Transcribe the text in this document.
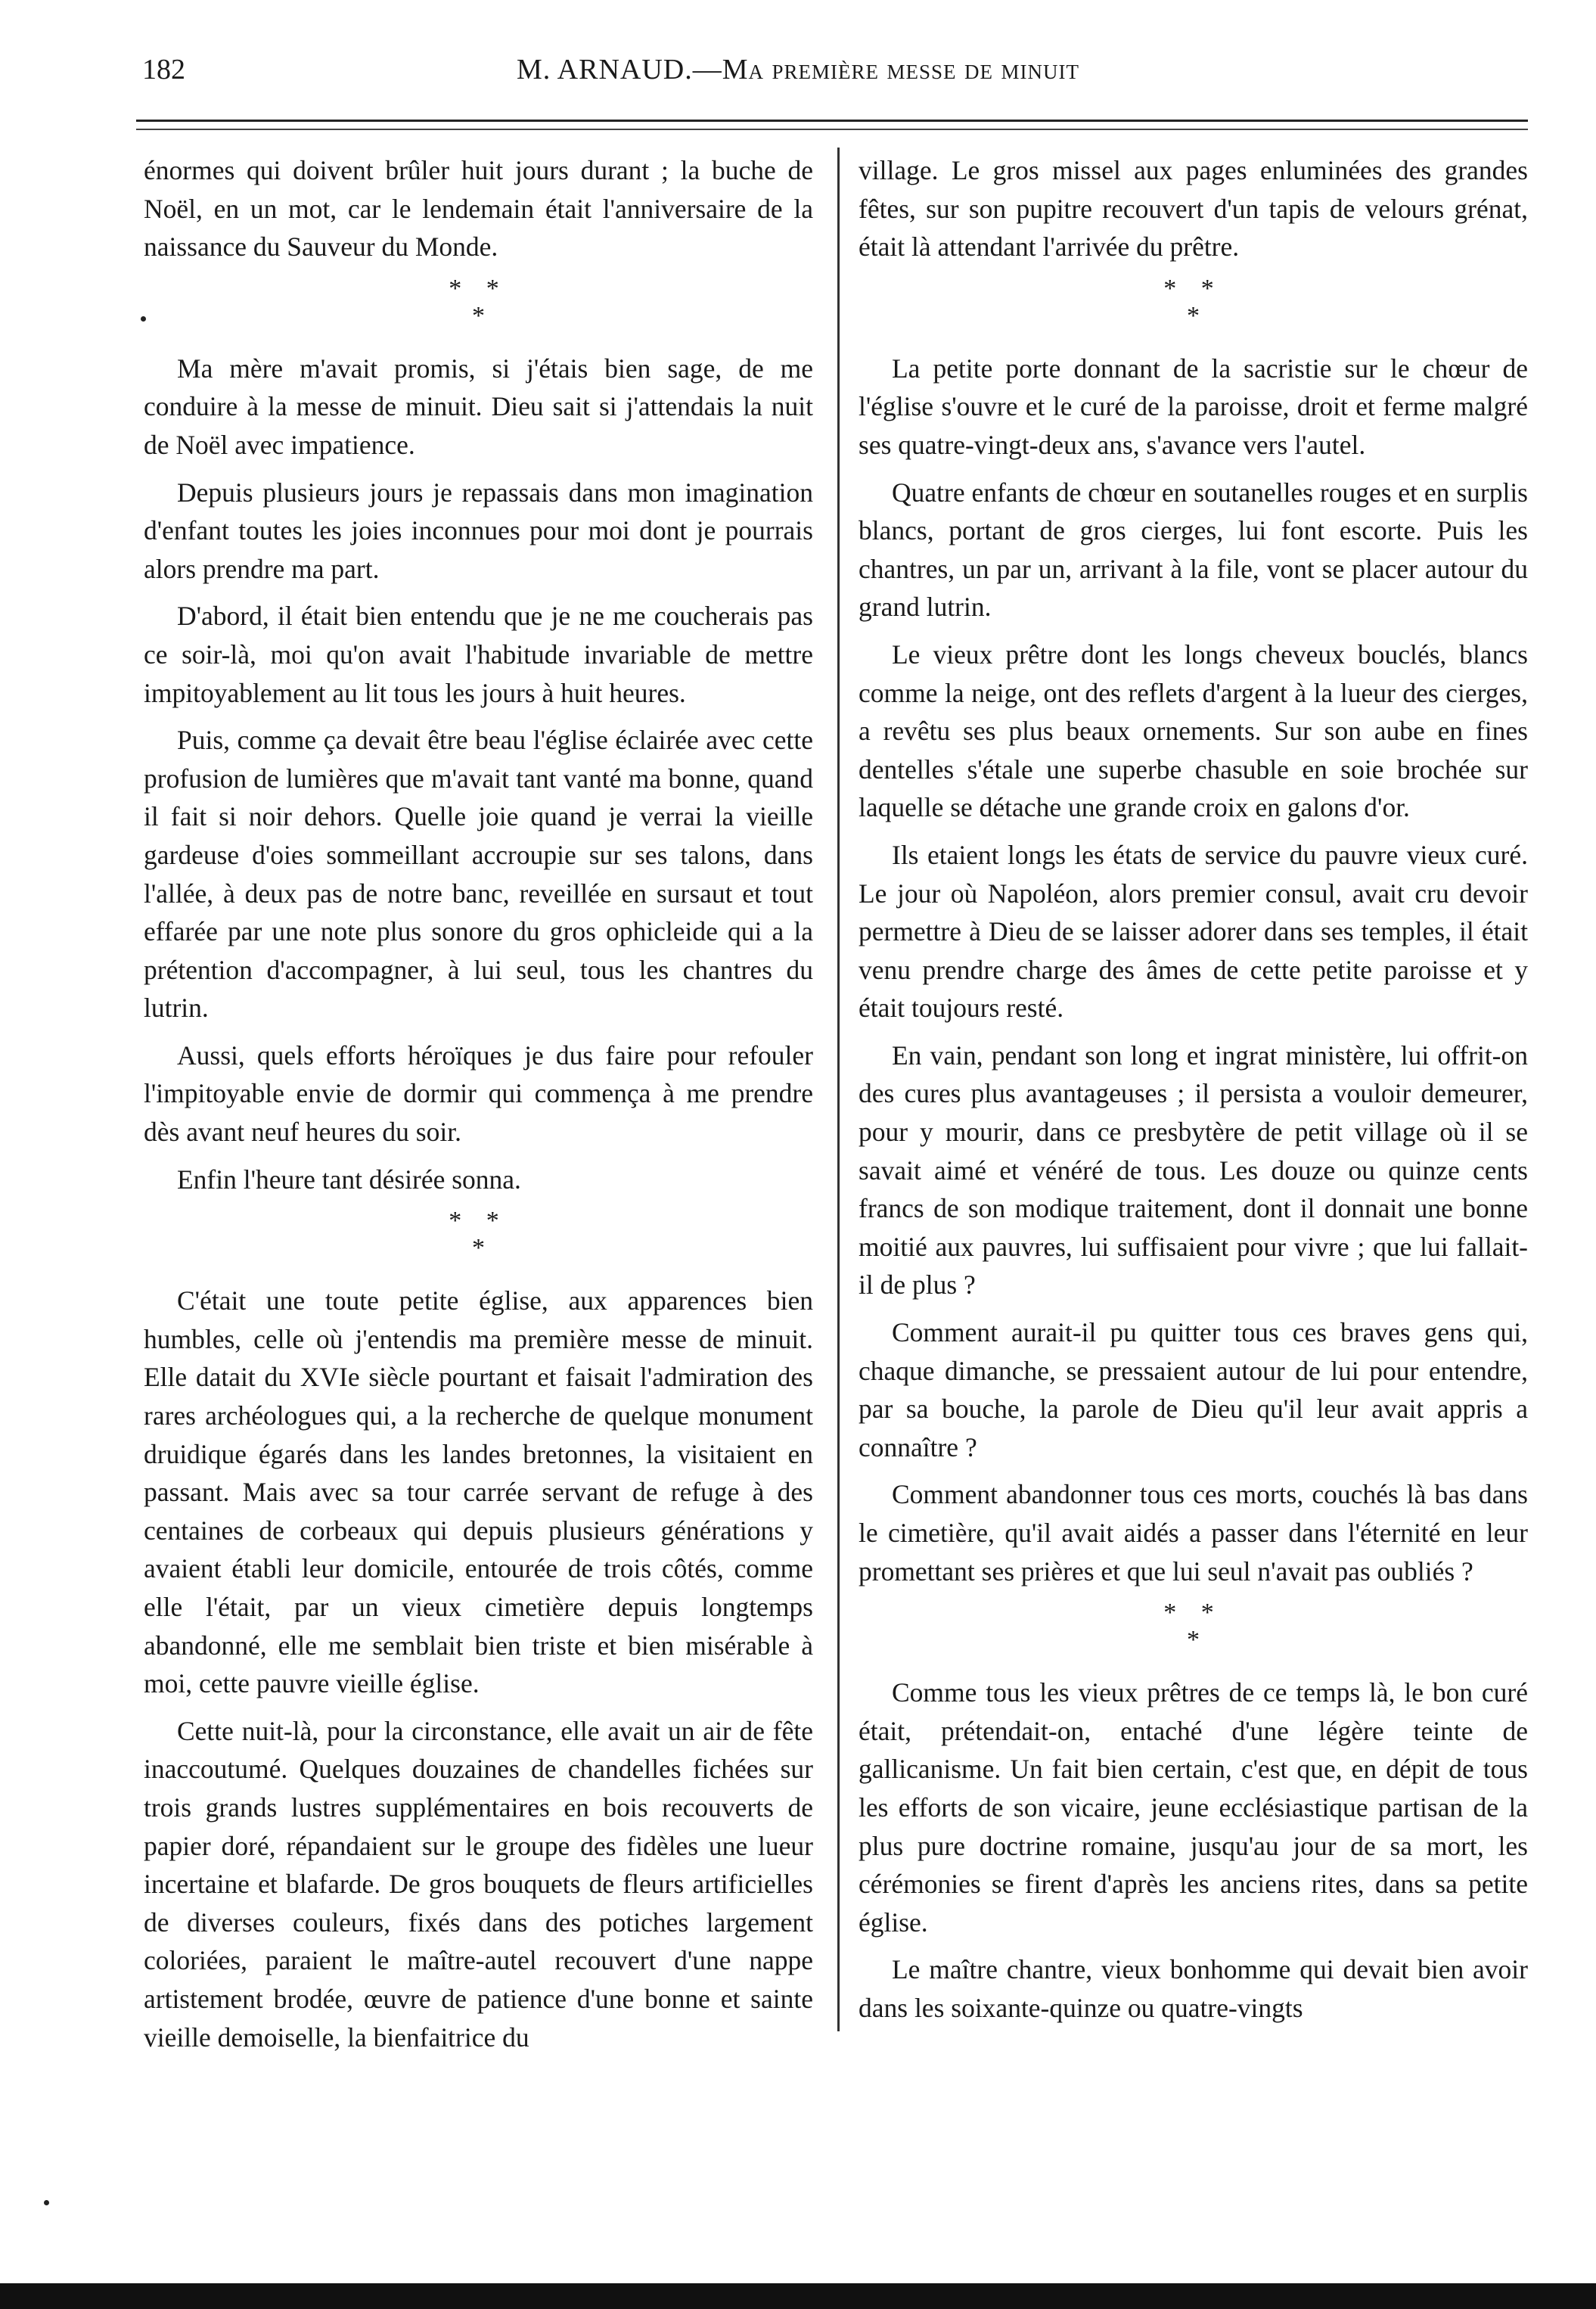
182	M. ARNAUD.—Ma première messe de minuit

énormes qui doivent brûler huit jours durant ; la buche de Noël, en un mot, car le lendemain était l'anniversaire de la naissance du Sauveur du Monde.

* *
*

Ma mère m'avait promis, si j'étais bien sage, de me conduire à la messe de minuit. Dieu sait si j'attendais la nuit de Noël avec impatience.

Depuis plusieurs jours je repassais dans mon imagination d'enfant toutes les joies inconnues pour moi dont je pourrais alors prendre ma part.

D'abord, il était bien entendu que je ne me coucherais pas ce soir-là, moi qu'on avait l'habitude invariable de mettre impitoyablement au lit tous les jours à huit heures.

Puis, comme ça devait être beau l'église éclairée avec cette profusion de lumières que m'avait tant vanté ma bonne, quand il fait si noir dehors. Quelle joie quand je verrai la vieille gardeuse d'oies sommeillant accroupie sur ses talons, dans l'allée, à deux pas de notre banc, reveillée en sursaut et tout effarée par une note plus sonore du gros ophicleide qui a la prétention d'accompagner, à lui seul, tous les chantres du lutrin.

Aussi, quels efforts héroïques je dus faire pour refouler l'impitoyable envie de dormir qui commença à me prendre dès avant neuf heures du soir.

Enfin l'heure tant désirée sonna.

* *
*

C'était une toute petite église, aux apparences bien humbles, celle où j'entendis ma première messe de minuit. Elle datait du XVIe siècle pourtant et faisait l'admiration des rares archéologues qui, a la recherche de quelque monument druidique égarés dans les landes bretonnes, la visitaient en passant. Mais avec sa tour carrée servant de refuge à des centaines de corbeaux qui depuis plusieurs générations y avaient établi leur domicile, entourée de trois côtés, comme elle l'était, par un vieux cimetière depuis longtemps abandonné, elle me semblait bien triste et bien misérable à moi, cette pauvre vieille église.

Cette nuit-là, pour la circonstance, elle avait un air de fête inaccoutumé. Quelques douzaines de chandelles fichées sur trois grands lustres supplémentaires en bois recouverts de papier doré, répandaient sur le groupe des fidèles une lueur incertaine et blafarde. De gros bouquets de fleurs artificielles de diverses couleurs, fixés dans des potiches largement coloriées, paraient le maître-autel recouvert d'une nappe artistement brodée, œuvre de patience d'une bonne et sainte vieille demoiselle, la bienfaitrice du

village. Le gros missel aux pages enluminées des grandes fêtes, sur son pupitre recouvert d'un tapis de velours grénat, était là attendant l'arrivée du prêtre.

* *
*

La petite porte donnant de la sacristie sur le chœur de l'église s'ouvre et le curé de la paroisse, droit et ferme malgré ses quatre-vingt-deux ans, s'avance vers l'autel.

Quatre enfants de chœur en soutanelles rouges et en surplis blancs, portant de gros cierges, lui font escorte. Puis les chantres, un par un, arrivant à la file, vont se placer autour du grand lutrin.

Le vieux prêtre dont les longs cheveux bouclés, blancs comme la neige, ont des reflets d'argent à la lueur des cierges, a revêtu ses plus beaux ornements. Sur son aube en fines dentelles s'étale une superbe chasuble en soie brochée sur laquelle se détache une grande croix en galons d'or.

Ils etaient longs les états de service du pauvre vieux curé. Le jour où Napoléon, alors premier consul, avait cru devoir permettre à Dieu de se laisser adorer dans ses temples, il était venu prendre charge des âmes de cette petite paroisse et y était toujours resté.

En vain, pendant son long et ingrat ministère, lui offrit-on des cures plus avantageuses ; il persista a vouloir demeurer, pour y mourir, dans ce presbytère de petit village où il se savait aimé et vénéré de tous. Les douze ou quinze cents francs de son modique traitement, dont il donnait une bonne moitié aux pauvres, lui suffisaient pour vivre ; que lui fallait-il de plus ?

Comment aurait-il pu quitter tous ces braves gens qui, chaque dimanche, se pressaient autour de lui pour entendre, par sa bouche, la parole de Dieu qu'il leur avait appris a connaître ?

Comment abandonner tous ces morts, couchés là bas dans le cimetière, qu'il avait aidés a passer dans l'éternité en leur promettant ses prières et que lui seul n'avait pas oubliés ?

* *
*

Comme tous les vieux prêtres de ce temps là, le bon curé était, prétendait-on, entaché d'une légère teinte de gallicanisme. Un fait bien certain, c'est que, en dépit de tous les efforts de son vicaire, jeune ecclésiastique partisan de la plus pure doctrine romaine, jusqu'au jour de sa mort, les cérémonies se firent d'après les anciens rites, dans sa petite église.

Le maître chantre, vieux bonhomme qui devait bien avoir dans les soixante-quinze ou quatre-vingts
